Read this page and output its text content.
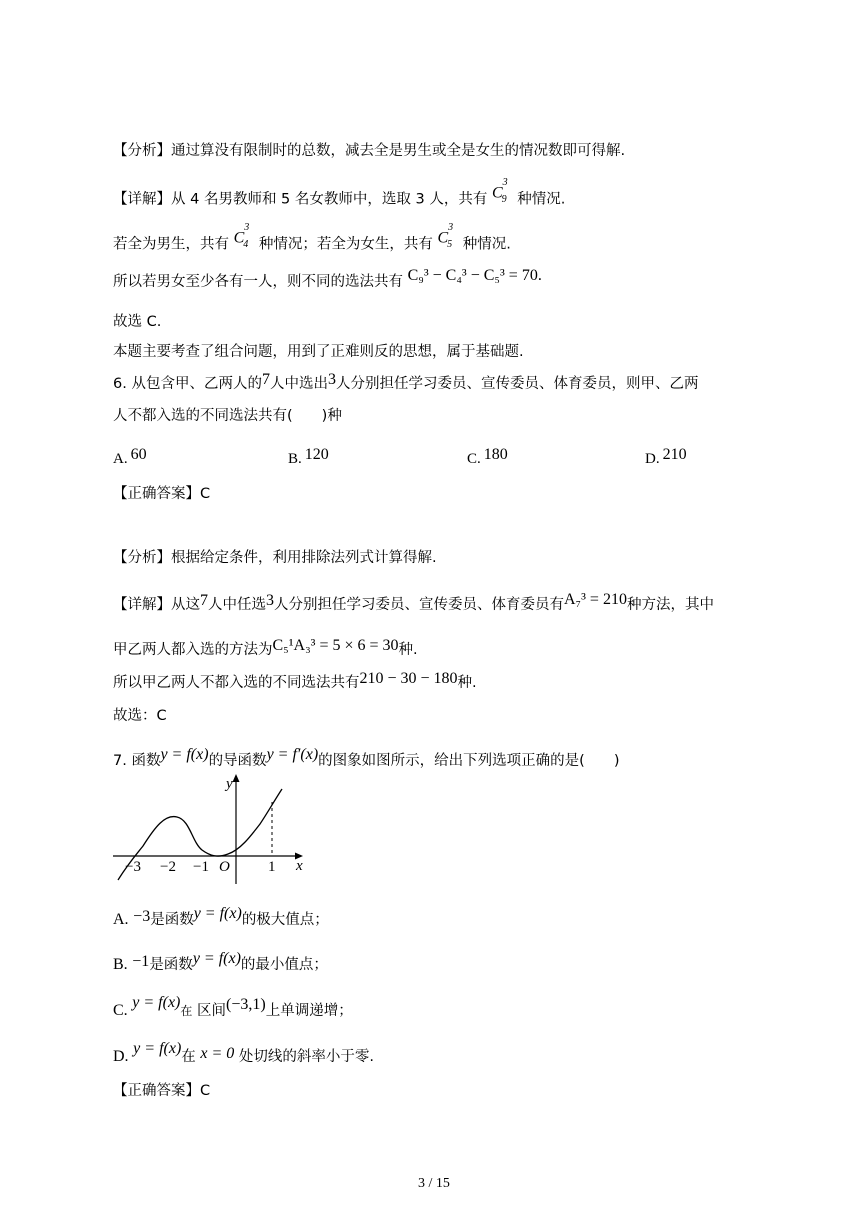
【分析】通过算没有限制时的总数，减去全是男生或全是女生的情况数即可得解.
【详解】从 4 名男教师和 5 名女教师中，选取 3 人，共有 $C^3_9$ 种情况.
若全为男生，共有 $C^3_4$ 种情况；若全为女生，共有 $C^3_5$ 种情况.
所以若男女至少各有一人，则不同的选法共有 C₉³ − C₄³ − C₅³ = 70.
故选 C.
本题主要考查了组合问题，用到了正难则反的思想，属于基础题.
6. 从包含甲、乙两人的7人中选出3人分别担任学习委员、宣传委员、体育委员，则甲、乙两
人不都入选的不同选法共有(　　)种
A. 60	B. 120	C. 180	D. 210
【正确答案】C
【分析】根据给定条件，利用排除法列式计算得解.
【详解】从这7人中任选3人分别担任学习委员、宣传委员、体育委员有A₇³ = 210种方法，其中
甲乙两人都入选的方法为C₅¹A₃³ = 5 × 6 = 30种.
所以甲乙两人不都入选的不同选法共有210 − 30 − 180种.
故选：C
7. 函数y = f(x)的导函数y = f′(x)的图象如图所示，给出下列选项正确的是(　　)
y
x
O
−3 −2 −1	1
A. −3是函数y = f(x)的极大值点；
B. −1是函数y = f(x)的最小值点；
C. y = f(x)在 区间(−3,1)上单调递增；
D. y = f(x)在 x = 0 处切线的斜率小于零.
【正确答案】C
3 / 15
